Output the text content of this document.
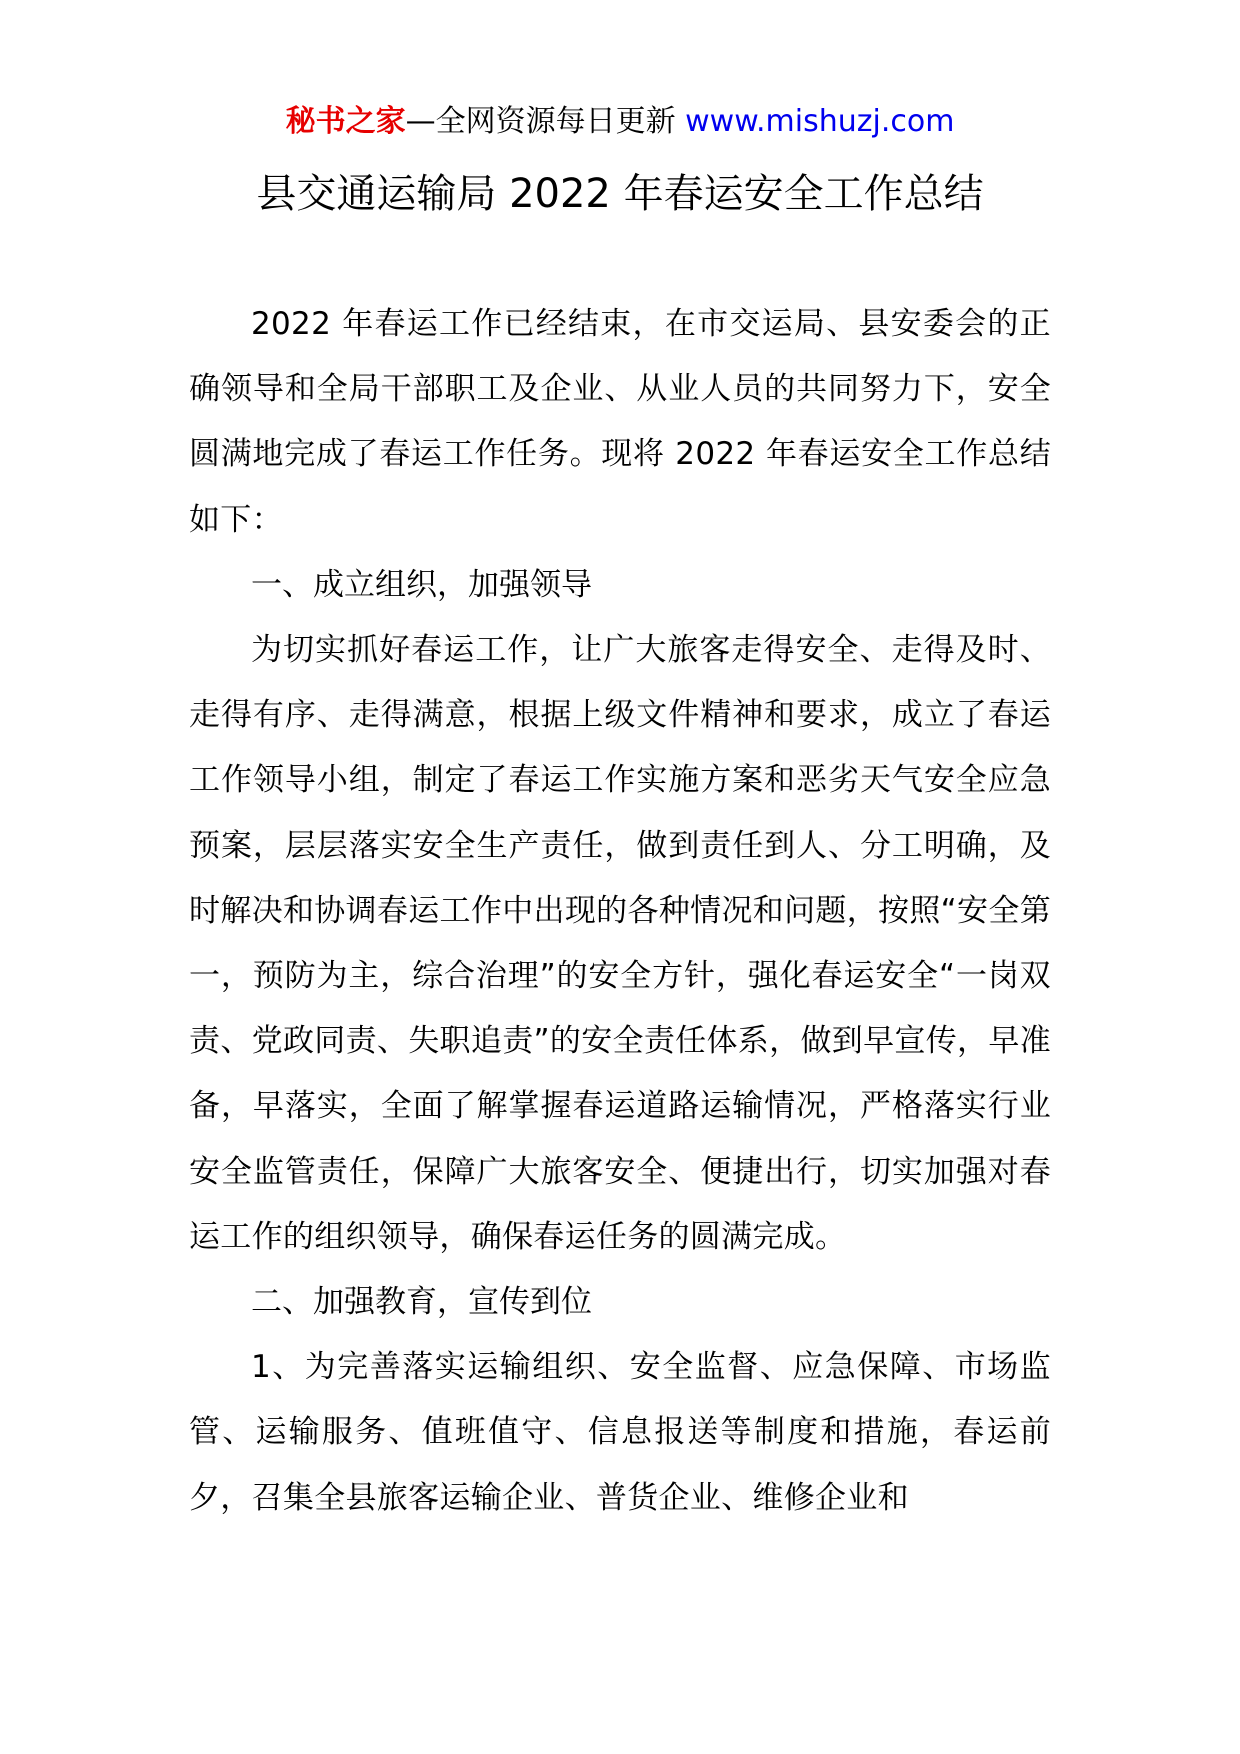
秘书之家—全网资源每日更新 www.mishuzj.com
县交通运输局 2022 年春运安全工作总结

2022 年春运工作已经结束，在市交运局、县安委会的正确领导和全局干部职工及企业、从业人员的共同努力下，安全圆满地完成了春运工作任务。现将 2022 年春运安全工作总结如下：

一、成立组织，加强领导

为切实抓好春运工作，让广大旅客走得安全、走得及时、走得有序、走得满意，根据上级文件精神和要求，成立了春运工作领导小组，制定了春运工作实施方案和恶劣天气安全应急预案，层层落实安全生产责任，做到责任到人、分工明确，及时解决和协调春运工作中出现的各种情况和问题，按照“安全第一，预防为主，综合治理”的安全方针，强化春运安全“一岗双责、党政同责、失职追责”的安全责任体系，做到早宣传，早准备，早落实，全面了解掌握春运道路运输情况，严格落实行业安全监管责任，保障广大旅客安全、便捷出行，切实加强对春运工作的组织领导，确保春运任务的圆满完成。

二、加强教育，宣传到位

1、为完善落实运输组织、安全监督、应急保障、市场监管、运输服务、值班值守、信息报送等制度和措施，春运前夕，召集全县旅客运输企业、普货企业、维修企业和
